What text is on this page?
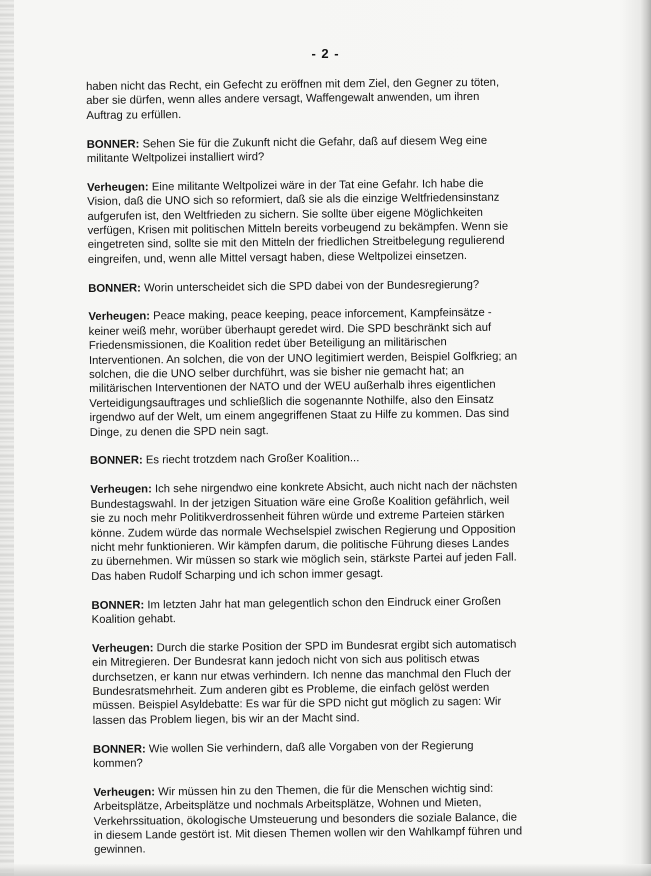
- 2 -

haben nicht das Recht, ein Gefecht zu eröffnen mit dem Ziel, den Gegner zu töten, aber sie dürfen, wenn alles andere versagt, Waffengewalt anwenden, um ihren Auftrag zu erfüllen.

BONNER: Sehen Sie für die Zukunft nicht die Gefahr, daß auf diesem Weg eine militante Weltpolizei installiert wird?

Verheugen: Eine militante Weltpolizei wäre in der Tat eine Gefahr. Ich habe die Vision, daß die UNO sich so reformiert, daß sie als die einzige Weltfriedensinstanz aufgerufen ist, den Weltfrieden zu sichern. Sie sollte über eigene Möglichkeiten verfügen, Krisen mit politischen Mitteln bereits vorbeugend zu bekämpfen. Wenn sie eingetreten sind, sollte sie mit den Mitteln der friedlichen Streitbelegung regulierend eingreifen, und, wenn alle Mittel versagt haben, diese Weltpolizei einsetzen.

BONNER: Worin unterscheidet sich die SPD dabei von der Bundesregierung?

Verheugen: Peace making, peace keeping, peace inforcement, Kampfeinsätze - keiner weiß mehr, worüber überhaupt geredet wird. Die SPD beschränkt sich auf Friedensmissionen, die Koalition redet über Beteiligung an militärischen Interventionen. An solchen, die von der UNO legitimiert werden, Beispiel Golfkrieg; an solchen, die die UNO selber durchführt, was sie bisher nie gemacht hat; an militärischen Interventionen der NATO und der WEU außerhalb ihres eigentlichen Verteidigungsauftrages und schließlich die sogenannte Nothilfe, also den Einsatz irgendwo auf der Welt, um einem angegriffenen Staat zu Hilfe zu kommen. Das sind Dinge, zu denen die SPD nein sagt.

BONNER: Es riecht trotzdem nach Großer Koalition...

Verheugen: Ich sehe nirgendwo eine konkrete Absicht, auch nicht nach der nächsten Bundestagswahl. In der jetzigen Situation wäre eine Große Koalition gefährlich, weil sie zu noch mehr Politikverdrossenheit führen würde und extreme Parteien stärken könne. Zudem würde das normale Wechselspiel zwischen Regierung und Opposition nicht mehr funktionieren. Wir kämpfen darum, die politische Führung dieses Landes zu übernehmen. Wir müssen so stark wie möglich sein, stärkste Partei auf jeden Fall. Das haben Rudolf Scharping und ich schon immer gesagt.

BONNER: Im letzten Jahr hat man gelegentlich schon den Eindruck einer Großen Koalition gehabt.

Verheugen: Durch die starke Position der SPD im Bundesrat ergibt sich automatisch ein Mitregieren. Der Bundesrat kann jedoch nicht von sich aus politisch etwas durchsetzen, er kann nur etwas verhindern. Ich nenne das manchmal den Fluch der Bundesratsmehrheit. Zum anderen gibt es Probleme, die einfach gelöst werden müssen. Beispiel Asyldebatte: Es war für die SPD nicht gut möglich zu sagen: Wir lassen das Problem liegen, bis wir an der Macht sind.

BONNER: Wie wollen Sie verhindern, daß alle Vorgaben von der Regierung kommen?

Verheugen: Wir müssen hin zu den Themen, die für die Menschen wichtig sind: Arbeitsplätze, Arbeitsplätze und nochmals Arbeitsplätze, Wohnen und Mieten, Verkehrssituation, ökologische Umsteuerung und besonders die soziale Balance, die in diesem Lande gestört ist. Mit diesen Themen wollen wir den Wahlkampf führen und gewinnen.
